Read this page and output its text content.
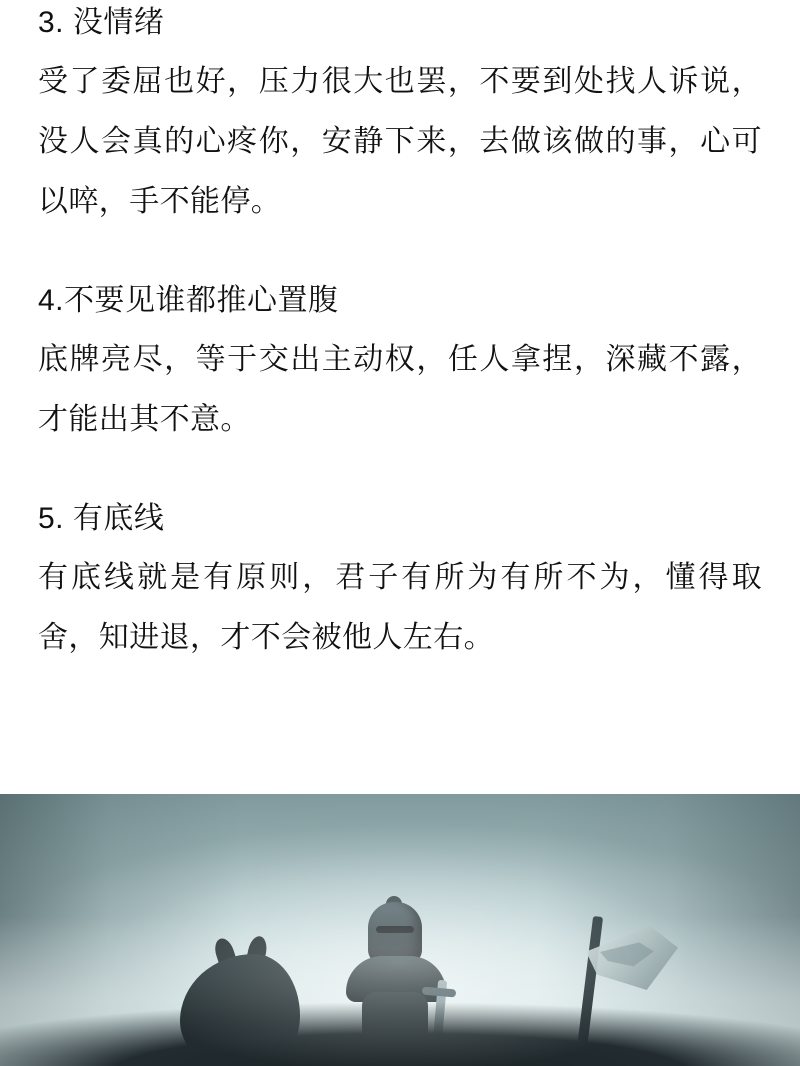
3. 没情绪

受了委屈也好，压力很大也罢，不要到处找人诉说，没人会真的心疼你，安静下来，去做该做的事，心可以啐，手不能停。

4.不要见谁都推心置腹

底牌亮尽，等于交出主动权，任人拿捏，深藏不露，才能出其不意。

5. 有底线

有底线就是有原则，君子有所为有所不为，懂得取舍，知进退，才不会被他人左右。
